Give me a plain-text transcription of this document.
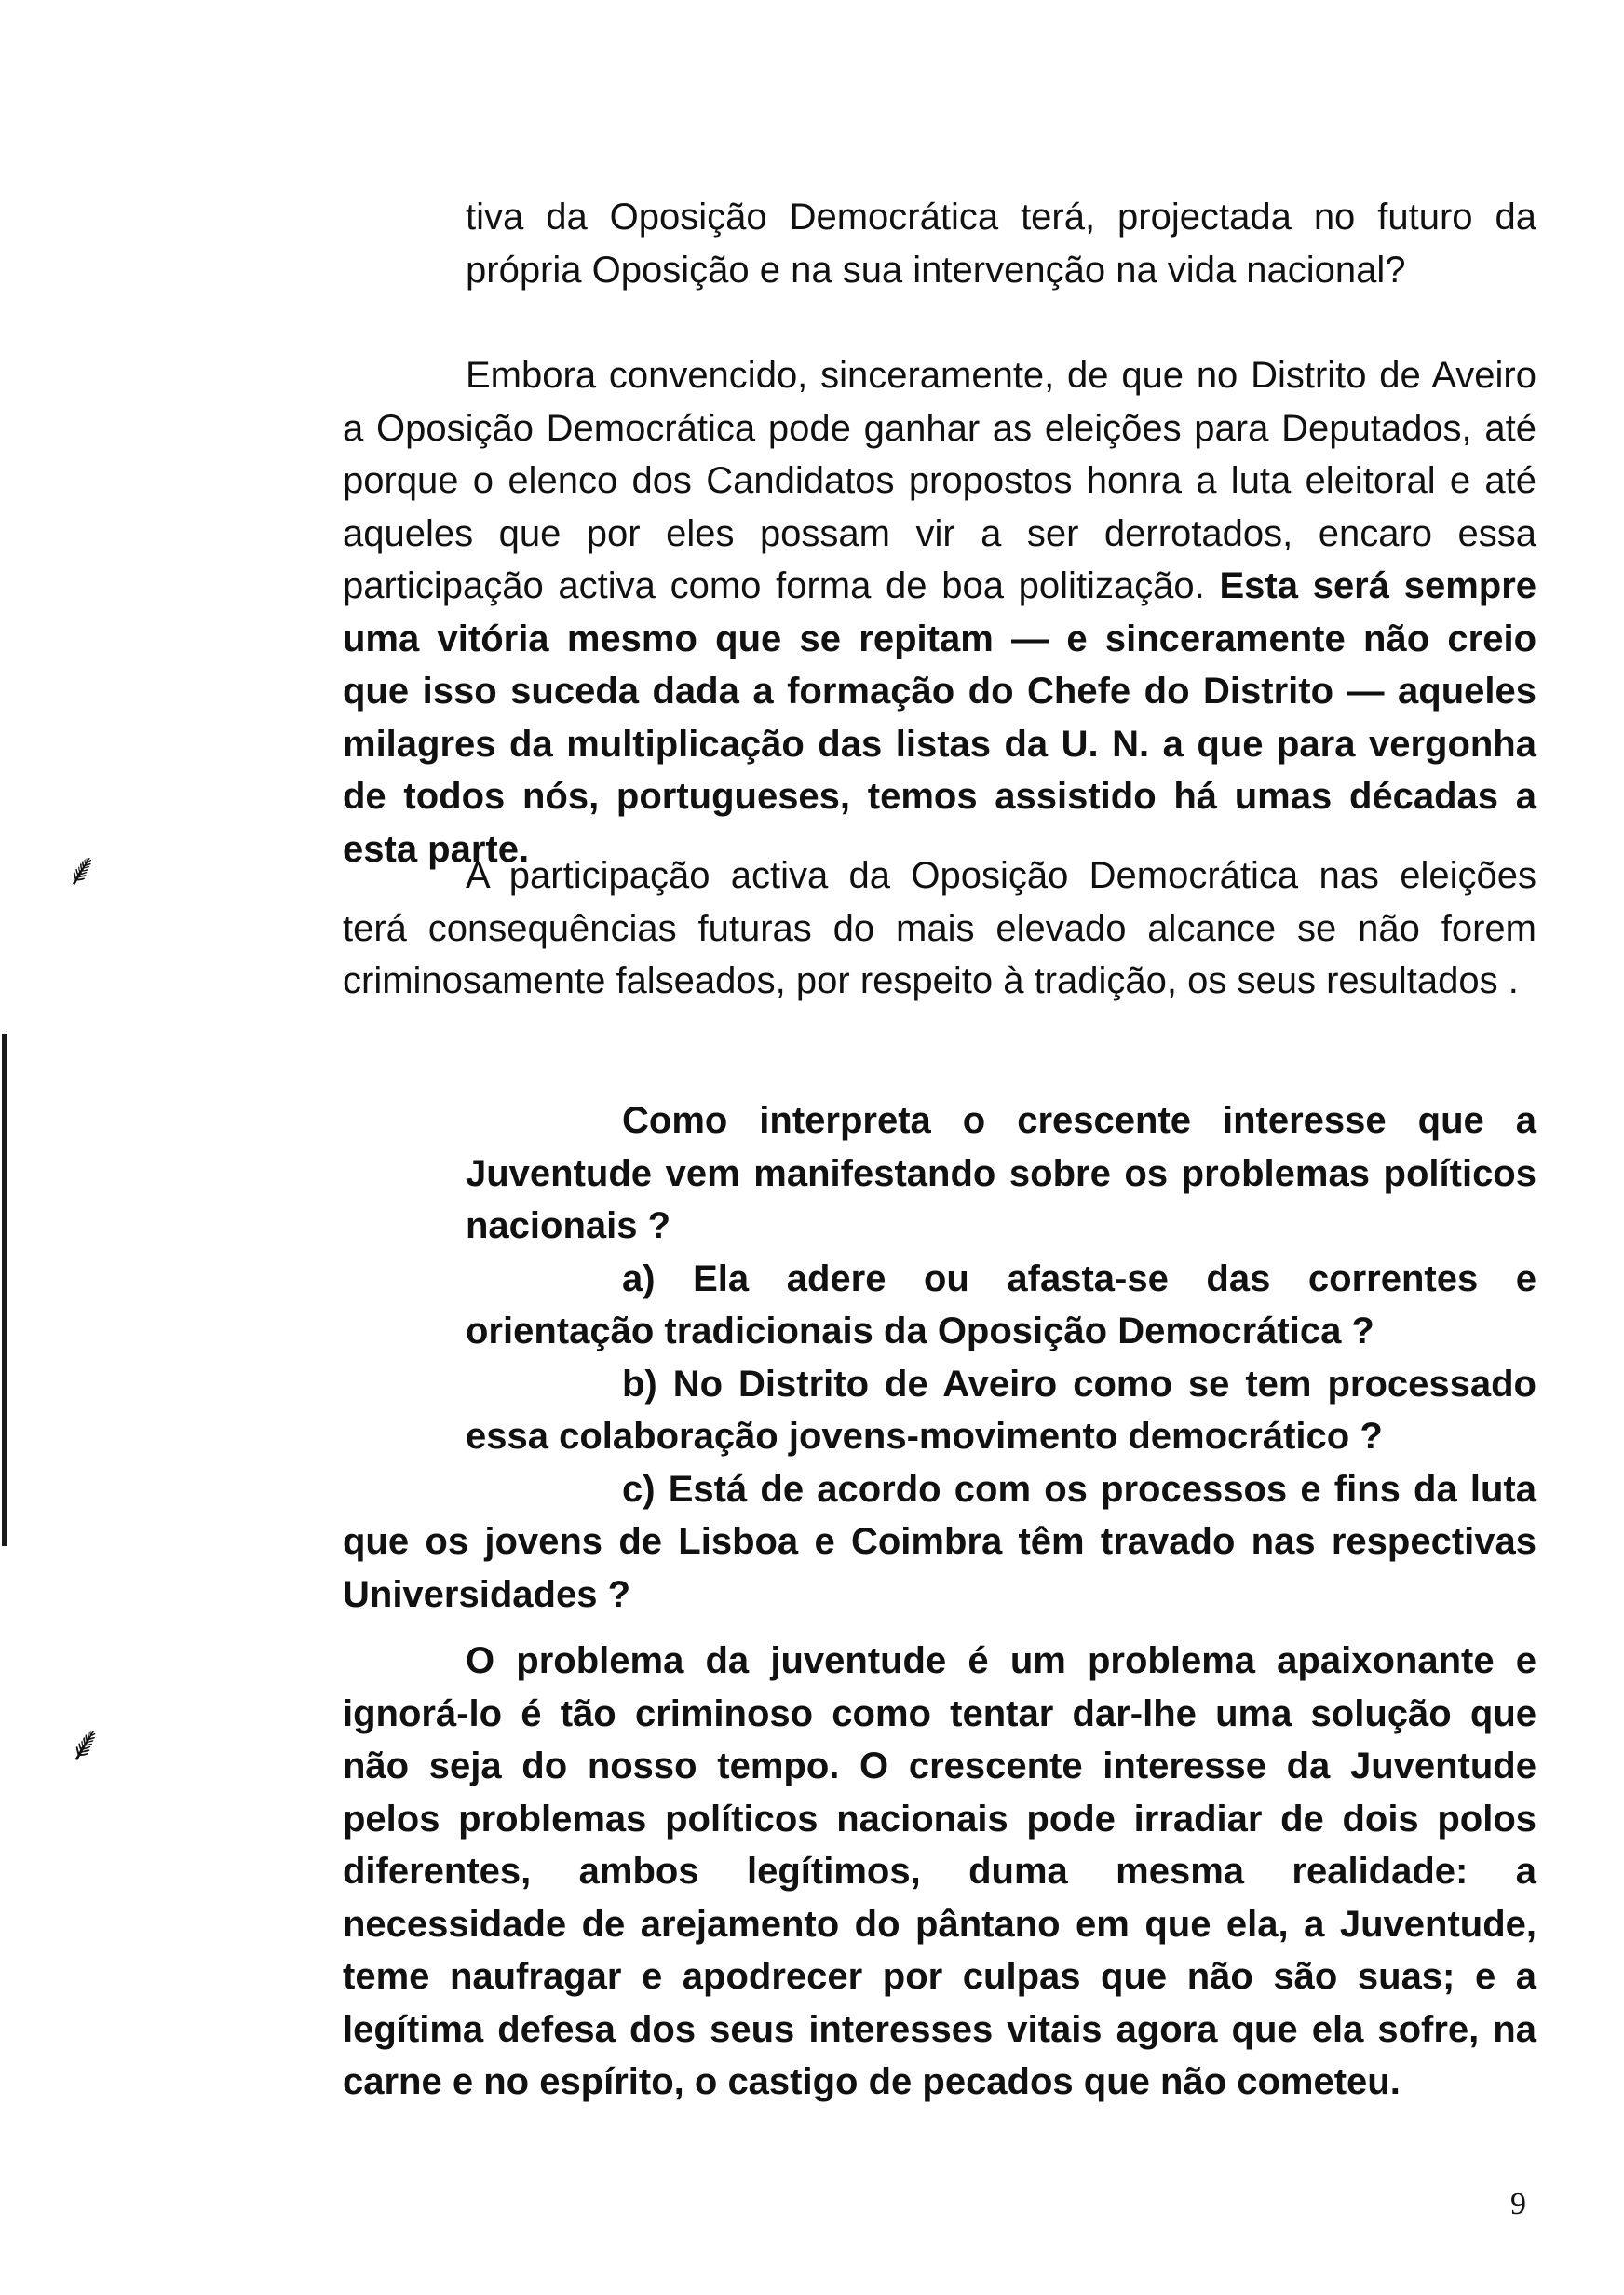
⸙
⸙

tiva da Oposição Democrática terá, projectada no futuro da própria Oposição e na sua intervenção na vida nacional?

Embora convencido, sinceramente, de que no Distrito de Aveiro a Oposição Democrática pode ganhar as eleições para Deputados, até porque o elenco dos Candidatos propostos honra a luta eleitoral e até aqueles que por eles possam vir a ser derrotados, encaro essa participação activa como forma de boa politização. Esta será sempre uma vitória mesmo que se repitam — e sinceramente não creio que isso suceda dada a formação do Chefe do Distrito — aqueles milagres da multiplicação das listas da U. N. a que para vergonha de todos nós, portugueses, temos assistido há umas décadas a esta parte.

A participação activa da Oposição Democrática nas eleições terá consequências futuras do mais elevado alcance se não forem criminosamente falseados, por respeito à tradição, os seus resultados .

Como interpreta o crescente interesse que a Juventude vem manifestando sobre os problemas políticos nacionais ?

a) Ela adere ou afasta-se das correntes e orientação tradicionais da Oposição Democrática ?

b) No Distrito de Aveiro como se tem processado essa colaboração jovens-movimento democrático ?

c) Está de acordo com os processos e fins da luta que os jovens de Lisboa e Coimbra têm travado nas respectivas Universidades ?

O problema da juventude é um problema apaixonante e ignorá-lo é tão criminoso como tentar dar-lhe uma solução que não seja do nosso tempo. O crescente interesse da Juventude pelos problemas políticos nacionais pode irradiar de dois polos diferentes, ambos legítimos, duma mesma realidade: a necessidade de arejamento do pântano em que ela, a Juventude, teme naufragar e apodrecer por culpas que não são suas; e a legítima defesa dos seus interesses vitais agora que ela sofre, na carne e no espírito, o castigo de pecados que não cometeu.

9
